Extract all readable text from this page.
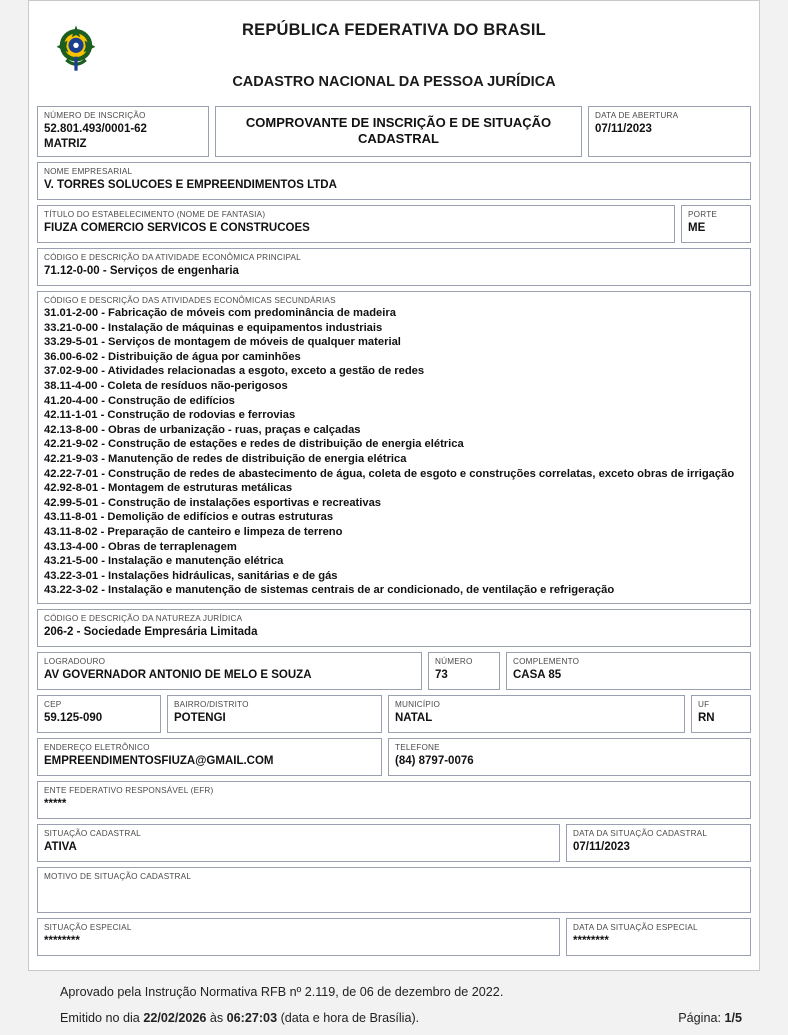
REPÚBLICA FEDERATIVA DO BRASIL
CADASTRO NACIONAL DA PESSOA JURÍDICA
NÚMERO DE INSCRIÇÃO
52.801.493/0001-62
MATRIZ
COMPROVANTE DE INSCRIÇÃO E DE SITUAÇÃO CADASTRAL
DATA DE ABERTURA
07/11/2023
NOME EMPRESARIAL
V. TORRES SOLUCOES E EMPREENDIMENTOS LTDA
TÍTULO DO ESTABELECIMENTO (NOME DE FANTASIA)
FIUZA COMERCIO SERVICOS E CONSTRUCOES
PORTE
ME
CÓDIGO E DESCRIÇÃO DA ATIVIDADE ECONÔMICA PRINCIPAL
71.12-0-00 - Serviços de engenharia
CÓDIGO E DESCRIÇÃO DAS ATIVIDADES ECONÔMICAS SECUNDÁRIAS
31.01-2-00 - Fabricação de móveis com predominância de madeira
33.21-0-00 - Instalação de máquinas e equipamentos industriais
33.29-5-01 - Serviços de montagem de móveis de qualquer material
36.00-6-02 - Distribuição de água por caminhões
37.02-9-00 - Atividades relacionadas a esgoto, exceto a gestão de redes
38.11-4-00 - Coleta de resíduos não-perigosos
41.20-4-00 - Construção de edifícios
42.11-1-01 - Construção de rodovias e ferrovias
42.13-8-00 - Obras de urbanização - ruas, praças e calçadas
42.21-9-02 - Construção de estações e redes de distribuição de energia elétrica
42.21-9-03 - Manutenção de redes de distribuição de energia elétrica
42.22-7-01 - Construção de redes de abastecimento de água, coleta de esgoto e construções correlatas, exceto obras de irrigação
42.92-8-01 - Montagem de estruturas metálicas
42.99-5-01 - Construção de instalações esportivas e recreativas
43.11-8-01 - Demolição de edifícios e outras estruturas
43.11-8-02 - Preparação de canteiro e limpeza de terreno
43.13-4-00 - Obras de terraplenagem
43.21-5-00 - Instalação e manutenção elétrica
43.22-3-01 - Instalações hidráulicas, sanitárias e de gás
43.22-3-02 - Instalação e manutenção de sistemas centrais de ar condicionado, de ventilação e refrigeração
CÓDIGO E DESCRIÇÃO DA NATUREZA JURÍDICA
206-2 - Sociedade Empresária Limitada
LOGRADOURO
AV GOVERNADOR ANTONIO DE MELO E SOUZA
NÚMERO
73
COMPLEMENTO
CASA 85
CEP
59.125-090
BAIRRO/DISTRITO
POTENGI
MUNICÍPIO
NATAL
UF
RN
ENDEREÇO ELETRÔNICO
EMPREENDIMENTOSFIUZA@GMAIL.COM
TELEFONE
(84) 8797-0076
ENTE FEDERATIVO RESPONSÁVEL (EFR)
*****
SITUAÇÃO CADASTRAL
ATIVA
DATA DA SITUAÇÃO CADASTRAL
07/11/2023
MOTIVO DE SITUAÇÃO CADASTRAL
SITUAÇÃO ESPECIAL
********
DATA DA SITUAÇÃO ESPECIAL
********
Aprovado pela Instrução Normativa RFB nº 2.119, de 06 de dezembro de 2022.
Emitido no dia 22/02/2026 às 06:27:03 (data e hora de Brasília).	Página: 1/5
